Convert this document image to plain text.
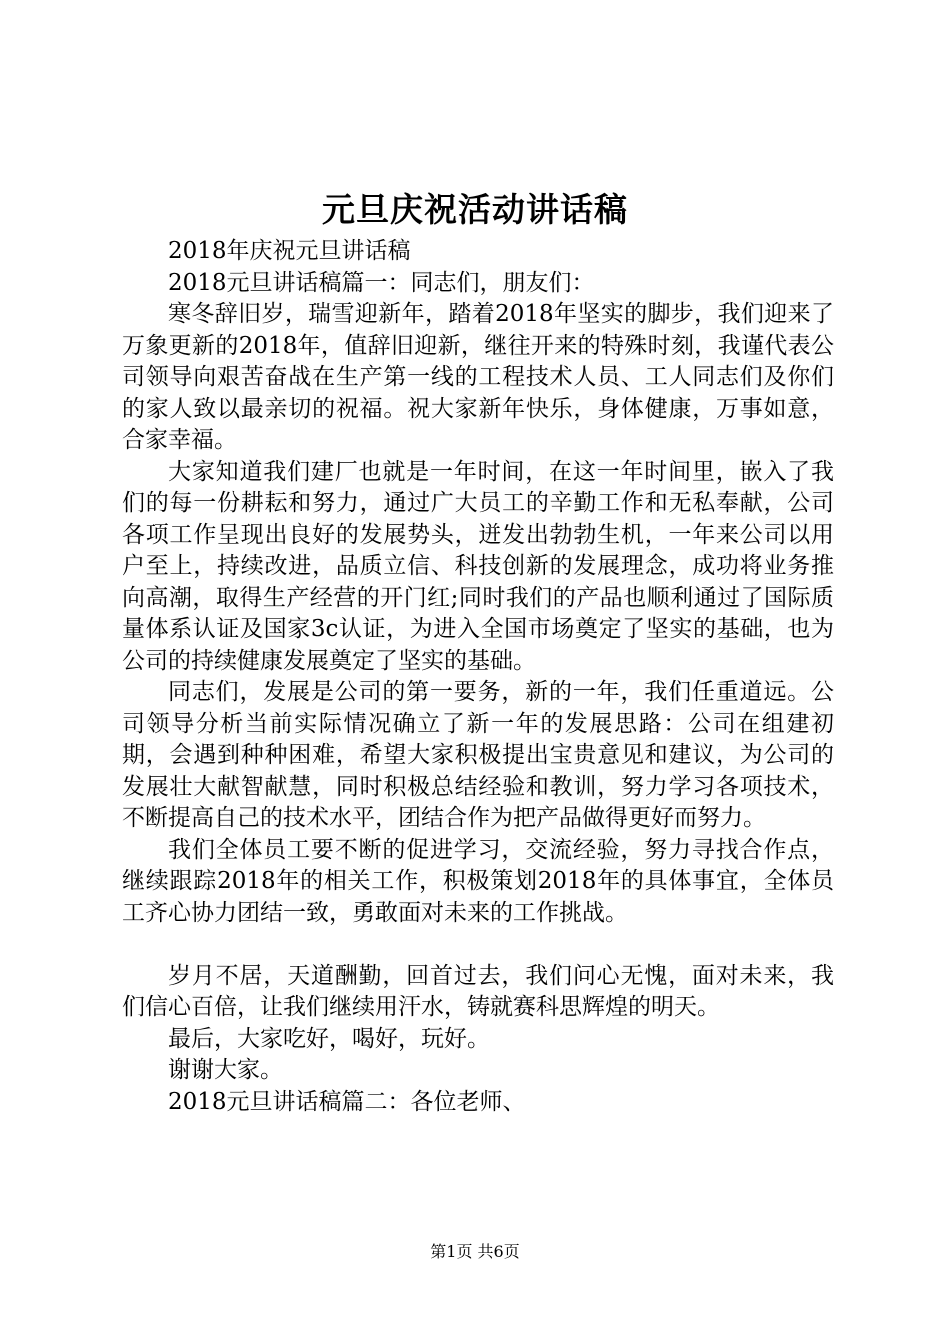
元旦庆祝活动讲话稿

2018年庆祝元旦讲话稿

2018元旦讲话稿篇一：同志们，朋友们：

寒冬辞旧岁，瑞雪迎新年，踏着2018年坚实的脚步，我们迎来了万象更新的2018年，值辞旧迎新，继往开来的特殊时刻，我谨代表公司领导向艰苦奋战在生产第一线的工程技术人员、工人同志们及你们的家人致以最亲切的祝福。祝大家新年快乐，身体健康，万事如意，合家幸福。

大家知道我们建厂也就是一年时间，在这一年时间里，嵌入了我们的每一份耕耘和努力，通过广大员工的辛勤工作和无私奉献，公司各项工作呈现出良好的发展势头，迸发出勃勃生机，一年来公司以用户至上，持续改进，品质立信、科技创新的发展理念，成功将业务推向高潮，取得生产经营的开门红;同时我们的产品也顺利通过了国际质量体系认证及国家3c认证，为进入全国市场奠定了坚实的基础，也为公司的持续健康发展奠定了坚实的基础。

同志们，发展是公司的第一要务，新的一年，我们任重道远。公司领导分析当前实际情况确立了新一年的发展思路：公司在组建初期，会遇到种种困难，希望大家积极提出宝贵意见和建议，为公司的发展壮大献智献慧，同时积极总结经验和教训，努力学习各项技术，不断提高自己的技术水平，团结合作为把产品做得更好而努力。

我们全体员工要不断的促进学习，交流经验，努力寻找合作点，继续跟踪2018年的相关工作，积极策划2018年的具体事宜，全体员工齐心协力团结一致，勇敢面对未来的工作挑战。

岁月不居，天道酬勤，回首过去，我们问心无愧，面对未来，我们信心百倍，让我们继续用汗水，铸就赛科思辉煌的明天。

最后，大家吃好，喝好，玩好。

谢谢大家。

2018元旦讲话稿篇二：各位老师、

第1页 共6页
